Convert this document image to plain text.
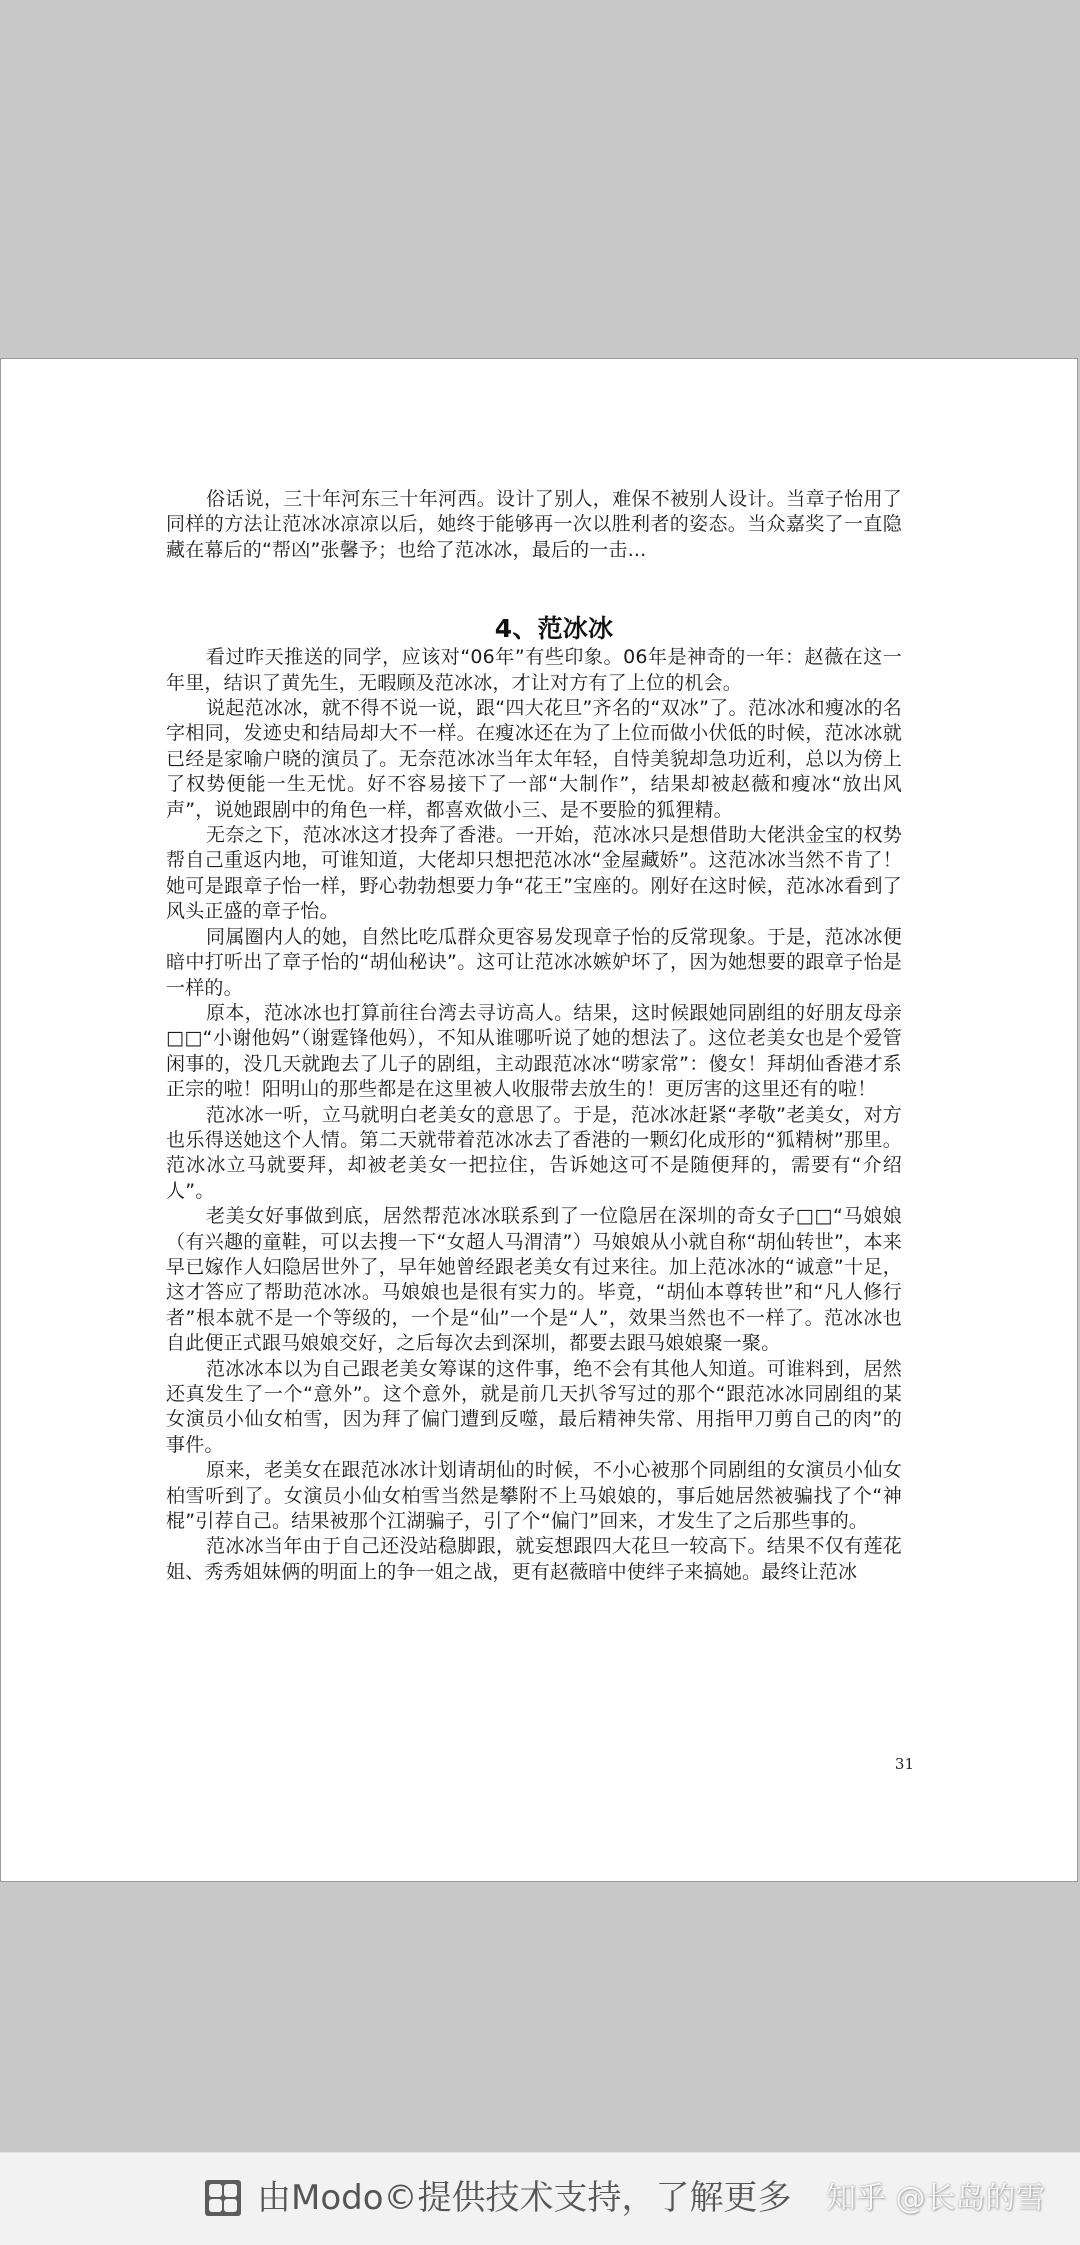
俗话说，三十年河东三十年河西。设计了别人，难保不被别人设计。当章子怡用了同样的方法让范冰冰凉凉以后，她终于能够再一次以胜利者的姿态。当众嘉奖了一直隐藏在幕后的“帮凶”张馨予；也给了范冰冰，最后的一击...

4、范冰冰

看过昨天推送的同学，应该对“06年”有些印象。06年是神奇的一年：赵薇在这一年里，结识了黄先生，无暇顾及范冰冰，才让对方有了上位的机会。

说起范冰冰，就不得不说一说，跟“四大花旦”齐名的“双冰”了。范冰冰和瘦冰的名字相同，发迹史和结局却大不一样。在瘦冰还在为了上位而做小伏低的时候，范冰冰就已经是家喻户晓的演员了。无奈范冰冰当年太年轻，自恃美貌却急功近利，总以为傍上了权势便能一生无忧。好不容易接下了一部“大制作”，结果却被赵薇和瘦冰“放出风声”，说她跟剧中的角色一样，都喜欢做小三、是不要脸的狐狸精。

无奈之下，范冰冰这才投奔了香港。一开始，范冰冰只是想借助大佬洪金宝的权势帮自己重返内地，可谁知道，大佬却只想把范冰冰“金屋藏娇”。这范冰冰当然不肯了！她可是跟章子怡一样，野心勃勃想要力争“花王”宝座的。刚好在这时候，范冰冰看到了风头正盛的章子怡。

同属圈内人的她，自然比吃瓜群众更容易发现章子怡的反常现象。于是，范冰冰便暗中打听出了章子怡的“胡仙秘诀”。这可让范冰冰嫉妒坏了，因为她想要的跟章子怡是一样的。

原本，范冰冰也打算前往台湾去寻访高人。结果，这时候跟她同剧组的好朋友母亲□□“小谢他妈”（谢霆锋他妈），不知从谁哪听说了她的想法了。这位老美女也是个爱管闲事的，没几天就跑去了儿子的剧组，主动跟范冰冰“唠家常”：傻女！拜胡仙香港才系正宗的啦！阳明山的那些都是在这里被人收服带去放生的！更厉害的这里还有的啦！

范冰冰一听，立马就明白老美女的意思了。于是，范冰冰赶紧“孝敬”老美女，对方也乐得送她这个人情。第二天就带着范冰冰去了香港的一颗幻化成形的“狐精树”那里。范冰冰立马就要拜，却被老美女一把拉住，告诉她这可不是随便拜的，需要有“介绍人”。

老美女好事做到底，居然帮范冰冰联系到了一位隐居在深圳的奇女子□□“马娘娘（有兴趣的童鞋，可以去搜一下“女超人马渭清”）马娘娘从小就自称“胡仙转世”，本来早已嫁作人妇隐居世外了，早年她曾经跟老美女有过来往。加上范冰冰的“诚意”十足，这才答应了帮助范冰冰。马娘娘也是很有实力的。毕竟，“胡仙本尊转世”和“凡人修行者”根本就不是一个等级的，一个是“仙”一个是“人”，效果当然也不一样了。范冰冰也自此便正式跟马娘娘交好，之后每次去到深圳，都要去跟马娘娘聚一聚。

范冰冰本以为自己跟老美女筹谋的这件事，绝不会有其他人知道。可谁料到，居然还真发生了一个“意外”。这个意外，就是前几天扒爷写过的那个“跟范冰冰同剧组的某女演员小仙女柏雪，因为拜了偏门遭到反噬，最后精神失常、用指甲刀剪自己的肉”的事件。

原来，老美女在跟范冰冰计划请胡仙的时候，不小心被那个同剧组的女演员小仙女柏雪听到了。女演员小仙女柏雪当然是攀附不上马娘娘的，事后她居然被骗找了个“神棍”引荐自己。结果被那个江湖骗子，引了个“偏门”回来，才发生了之后那些事的。

范冰冰当年由于自己还没站稳脚跟，就妄想跟四大花旦一较高下。结果不仅有莲花姐、秀秀姐妹俩的明面上的争一姐之战，更有赵薇暗中使绊子来搞她。最终让范冰

31
由Modo©提供技术支持，了解更多 知乎 @长岛的雪
